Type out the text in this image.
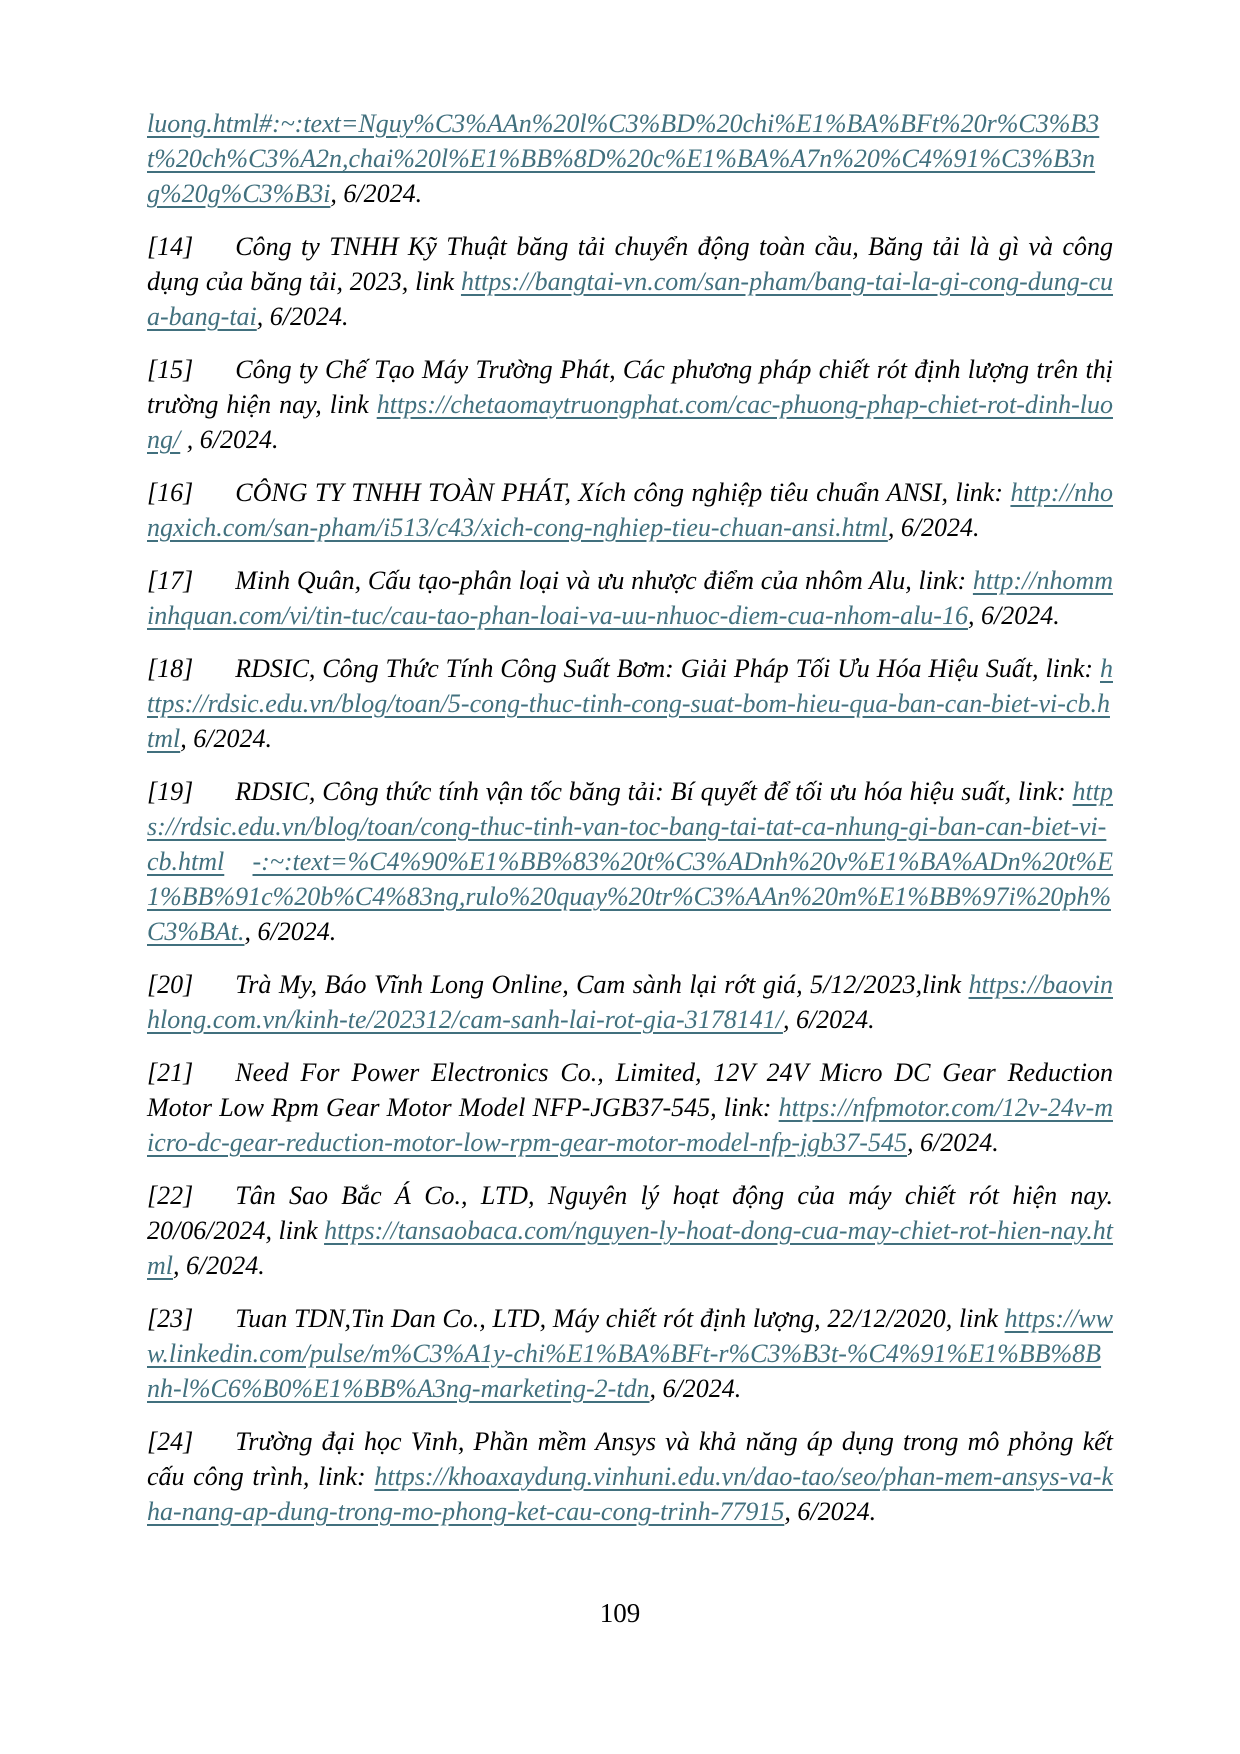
luong.html#:~:text=Nguy%C3%AAn%20l%C3%BD%20chi%E1%BA%BFt%20r%C3%B3t%20ch%C3%A2n,chai%20l%E1%BB%8D%20c%E1%BA%A7n%20%C4%91%C3%B3ng%20g%C3%B3i, 6/2024.

[14] Công ty TNHH Kỹ Thuật băng tải chuyển động toàn cầu, Băng tải là gì và công dụng của băng tải, 2023, link https://bangtai-vn.com/san-pham/bang-tai-la-gi-cong-dung-cua-bang-tai, 6/2024.

[15] Công ty Chế Tạo Máy Trường Phát, Các phương pháp chiết rót định lượng trên thị trường hiện nay, link https://chetaomaytruongphat.com/cac-phuong-phap-chiet-rot-dinh-luong/ , 6/2024.

[16] CÔNG TY TNHH TOÀN PHÁT, Xích công nghiệp tiêu chuẩn ANSI, link: http://nhongxich.com/san-pham/i513/c43/xich-cong-nghiep-tieu-chuan-ansi.html, 6/2024.

[17] Minh Quân, Cấu tạo-phân loại và ưu nhược điểm của nhôm Alu, link: http://nhomminhquan.com/vi/tin-tuc/cau-tao-phan-loai-va-uu-nhuoc-diem-cua-nhom-alu-16, 6/2024.

[18] RDSIC, Công Thức Tính Công Suất Bơm: Giải Pháp Tối Ưu Hóa Hiệu Suất, link: https://rdsic.edu.vn/blog/toan/5-cong-thuc-tinh-cong-suat-bom-hieu-qua-ban-can-biet-vi-cb.html, 6/2024.

[19] RDSIC, Công thức tính vận tốc băng tải: Bí quyết để tối ưu hóa hiệu suất, link: https://rdsic.edu.vn/blog/toan/cong-thuc-tinh-van-toc-bang-tai-tat-ca-nhung-gi-ban-can-biet-vi-cb.html -:~:text=%C4%90%E1%BB%83%20t%C3%ADnh%20v%E1%BA%ADn%20t%E1%BB%91c%20b%C4%83ng,rulo%20quay%20tr%C3%AAn%20m%E1%BB%97i%20ph%C3%BAt., 6/2024.

[20] Trà My, Báo Vĩnh Long Online, Cam sành lại rớt giá, 5/12/2023,link https://baovinhlong.com.vn/kinh-te/202312/cam-sanh-lai-rot-gia-3178141/, 6/2024.

[21] Need For Power Electronics Co., Limited, 12V 24V Micro DC Gear Reduction Motor Low Rpm Gear Motor Model NFP-JGB37-545, link: https://nfpmotor.com/12v-24v-micro-dc-gear-reduction-motor-low-rpm-gear-motor-model-nfp-jgb37-545, 6/2024.

[22] Tân Sao Bắc Á Co., LTD, Nguyên lý hoạt động của máy chiết rót hiện nay. 20/06/2024, link https://tansaobaca.com/nguyen-ly-hoat-dong-cua-may-chiet-rot-hien-nay.html, 6/2024.

[23] Tuan TDN,Tin Dan Co., LTD, Máy chiết rót định lượng, 22/12/2020, link https://www.linkedin.com/pulse/m%C3%A1y-chi%E1%BA%BFt-r%C3%B3t-%C4%91%E1%BB%8Bnh-l%C6%B0%E1%BB%A3ng-marketing-2-tdn, 6/2024.

[24] Trường đại học Vinh, Phần mềm Ansys và khả năng áp dụng trong mô phỏng kết cấu công trình, link: https://khoaxaydung.vinhuni.edu.vn/dao-tao/seo/phan-mem-ansys-va-kha-nang-ap-dung-trong-mo-phong-ket-cau-cong-trinh-77915, 6/2024.

109
